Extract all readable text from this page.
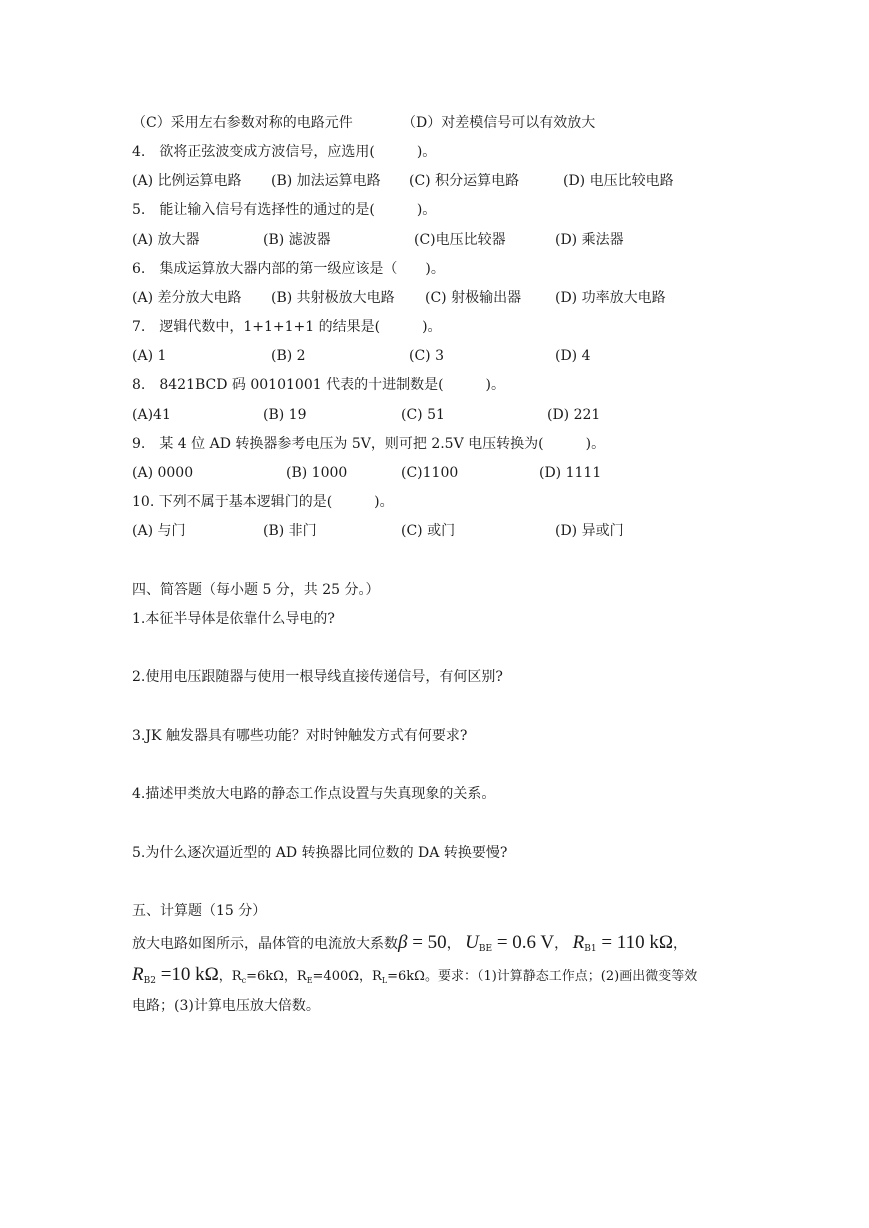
（C）采用左右参数对称的电路元件	（D）对差模信号可以有效放大
4.　欲将正弦波变成方波信号，应选用(　　　)。
(A) 比例运算电路 (B) 加法运算电路 (C) 积分运算电路	(D) 电压比较电路
5.　能让输入信号有选择性的通过的是(　　　)。
(A) 放大器	(B) 滤波器	(C)电压比较器	(D) 乘法器
6.　集成运算放大器内部的第一级应该是（　　)。
(A) 差分放大电路 (B) 共射极放大电路 (C) 射极输出器 (D) 功率放大电路
7.　逻辑代数中，1+1+1+1 的结果是(　　　)。
(A) 1	(B) 2	(C) 3	(D) 4
8.　8421BCD 码 00101001 代表的十进制数是(　　　)。
(A)41	(B) 19	(C) 51	(D) 221
9.　某 4 位 AD 转换器参考电压为 5V，则可把 2.5V 电压转换为(　　　)。
(A) 0000	(B) 1000	(C)1100	(D) 1111
10. 下列不属于基本逻辑门的是(　　　)。
(A) 与门	(B) 非门	(C) 或门	(D) 异或门
四、简答题（每小题 5 分，共 25 分。）
1.本征半导体是依靠什么导电的?
2.使用电压跟随器与使用一根导线直接传递信号，有何区别?
3.JK 触发器具有哪些功能？对时钟触发方式有何要求?
4.描述甲类放大电路的静态工作点设置与失真现象的关系。
5.为什么逐次逼近型的 AD 转换器比同位数的 DA 转换要慢?
五、计算题（15 分）
放大电路如图所示，晶体管的电流放大系数β = 50， $U_{BE} = 0.6$ V， $R_{B1} = 110$ kΩ，
$R_{B2} =10$ kΩ，$R_c=6k\Omega$，$R_E=400\Omega$，$R_L=6k\Omega$。要求：（1)计算静态工作点；(2)画出微变等效
电路；(3)计算电压放大倍数。
